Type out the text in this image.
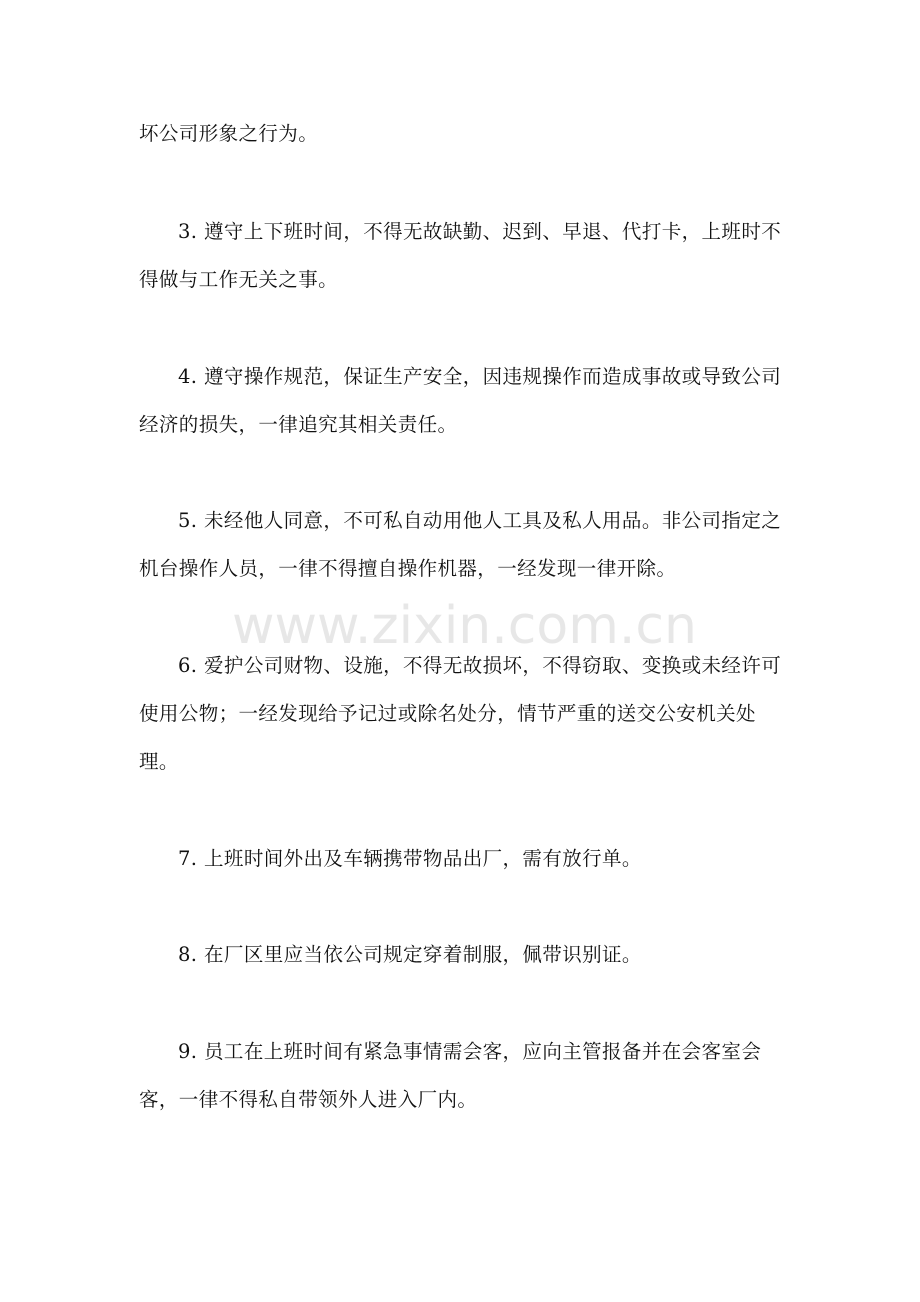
坏公司形象之行为。

3. 遵守上下班时间，不得无故缺勤、迟到、早退、代打卡，上班时不得做与工作无关之事。

4. 遵守操作规范，保证生产安全，因违规操作而造成事故或导致公司经济的损失，一律追究其相关责任。

5. 未经他人同意，不可私自动用他人工具及私人用品。非公司指定之机台操作人员，一律不得擅自操作机器，一经发现一律开除。

6. 爱护公司财物、设施，不得无故损坏，不得窃取、变换或未经许可使用公物；一经发现给予记过或除名处分，情节严重的送交公安机关处理。

7. 上班时间外出及车辆携带物品出厂，需有放行单。

8. 在厂区里应当依公司规定穿着制服，佩带识别证。

9. 员工在上班时间有紧急事情需会客，应向主管报备并在会客室会客，一律不得私自带领外人进入厂内。

www.zixin.com.cn
